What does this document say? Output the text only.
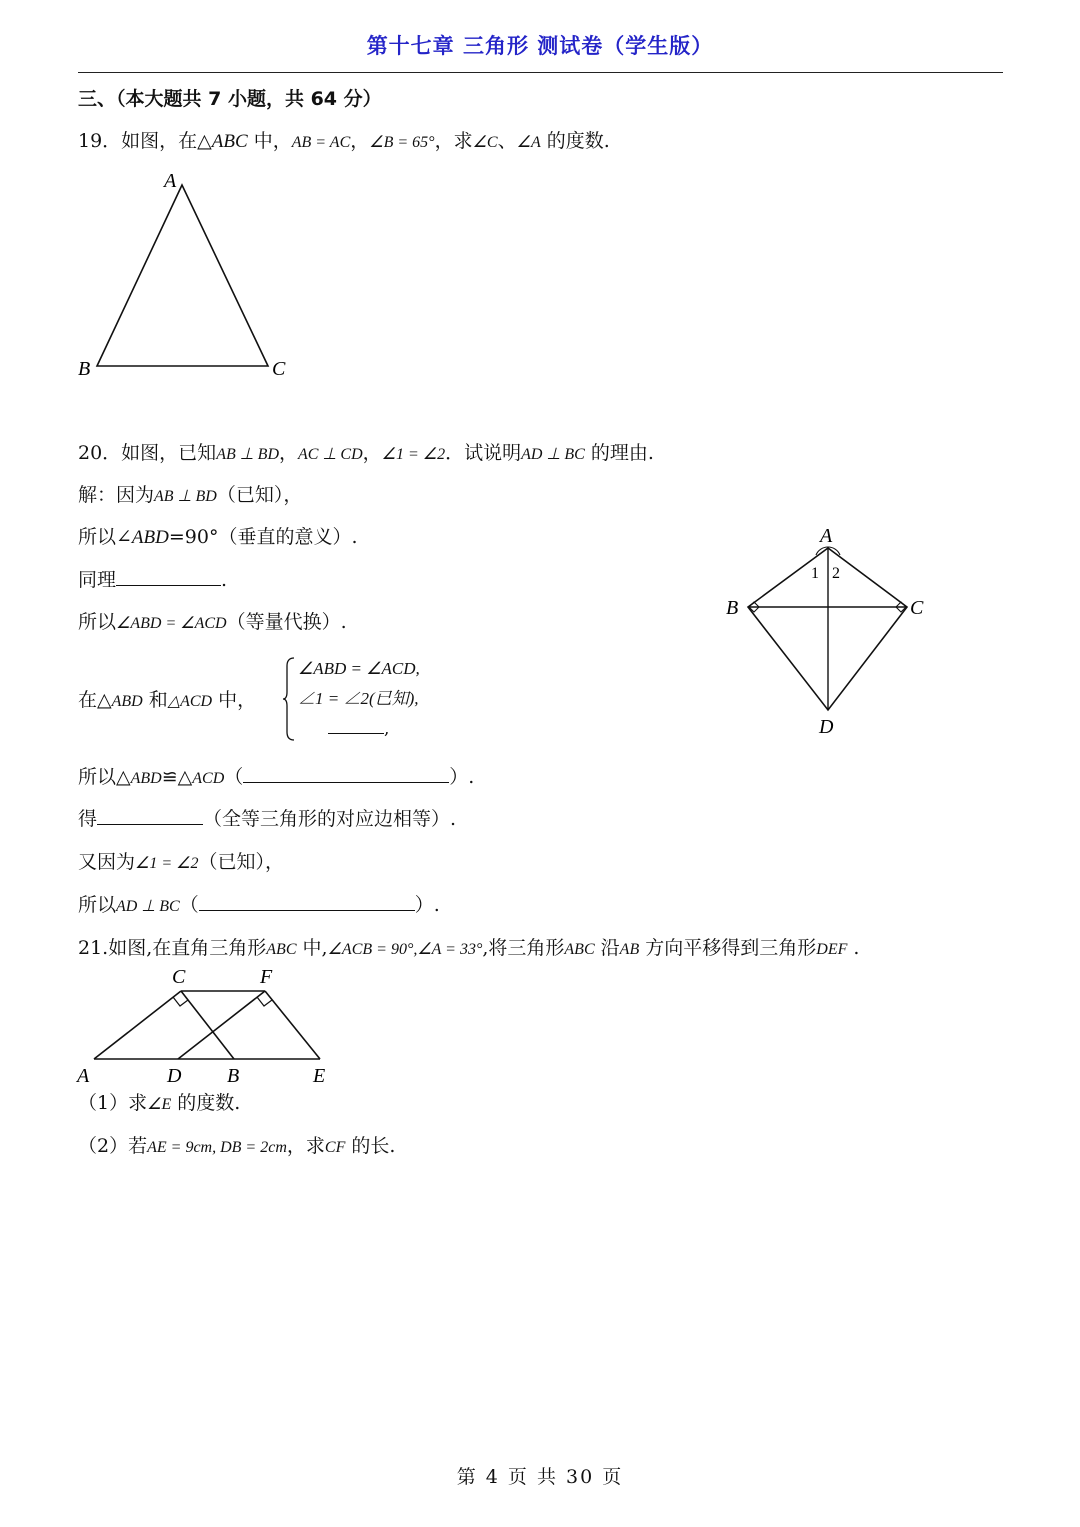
第十七章 三角形 测试卷（学生版）
三、（本大题共 7 小题，共 64 分）
19．如图，在△ABC 中，AB = AC，∠B = 65°，求∠C、∠A 的度数.
A
B	C
20．如图，已知AB ⊥ BD，AC ⊥ CD，∠1 = ∠2．试说明AD ⊥ BC 的理由.
解：因为AB ⊥ BD（已知），
所以∠ABD=90°（垂直的意义）.
同理	.
所以∠ABD = ∠ACD（等量代换）.
在△ABD 和△ACD 中，
∠ABD = ∠ACD,
∠1 = ∠2(已知),
,
所以△ABD≌△ACD（	）.
得	（全等三角形的对应边相等）.
又因为∠1 = ∠2（已知），
所以AD ⊥ BC（	）.
A
B	C
D
1 2
21.如图,在直角三角形ABC 中,∠ACB = 90°,∠A = 33°,将三角形ABC 沿AB 方向平移得到三角形DEF .
C	F
A	D B	E
（1）求∠E 的度数.
（2）若AE = 9cm, DB = 2cm，求CF 的长.
第 4 页 共 30 页
